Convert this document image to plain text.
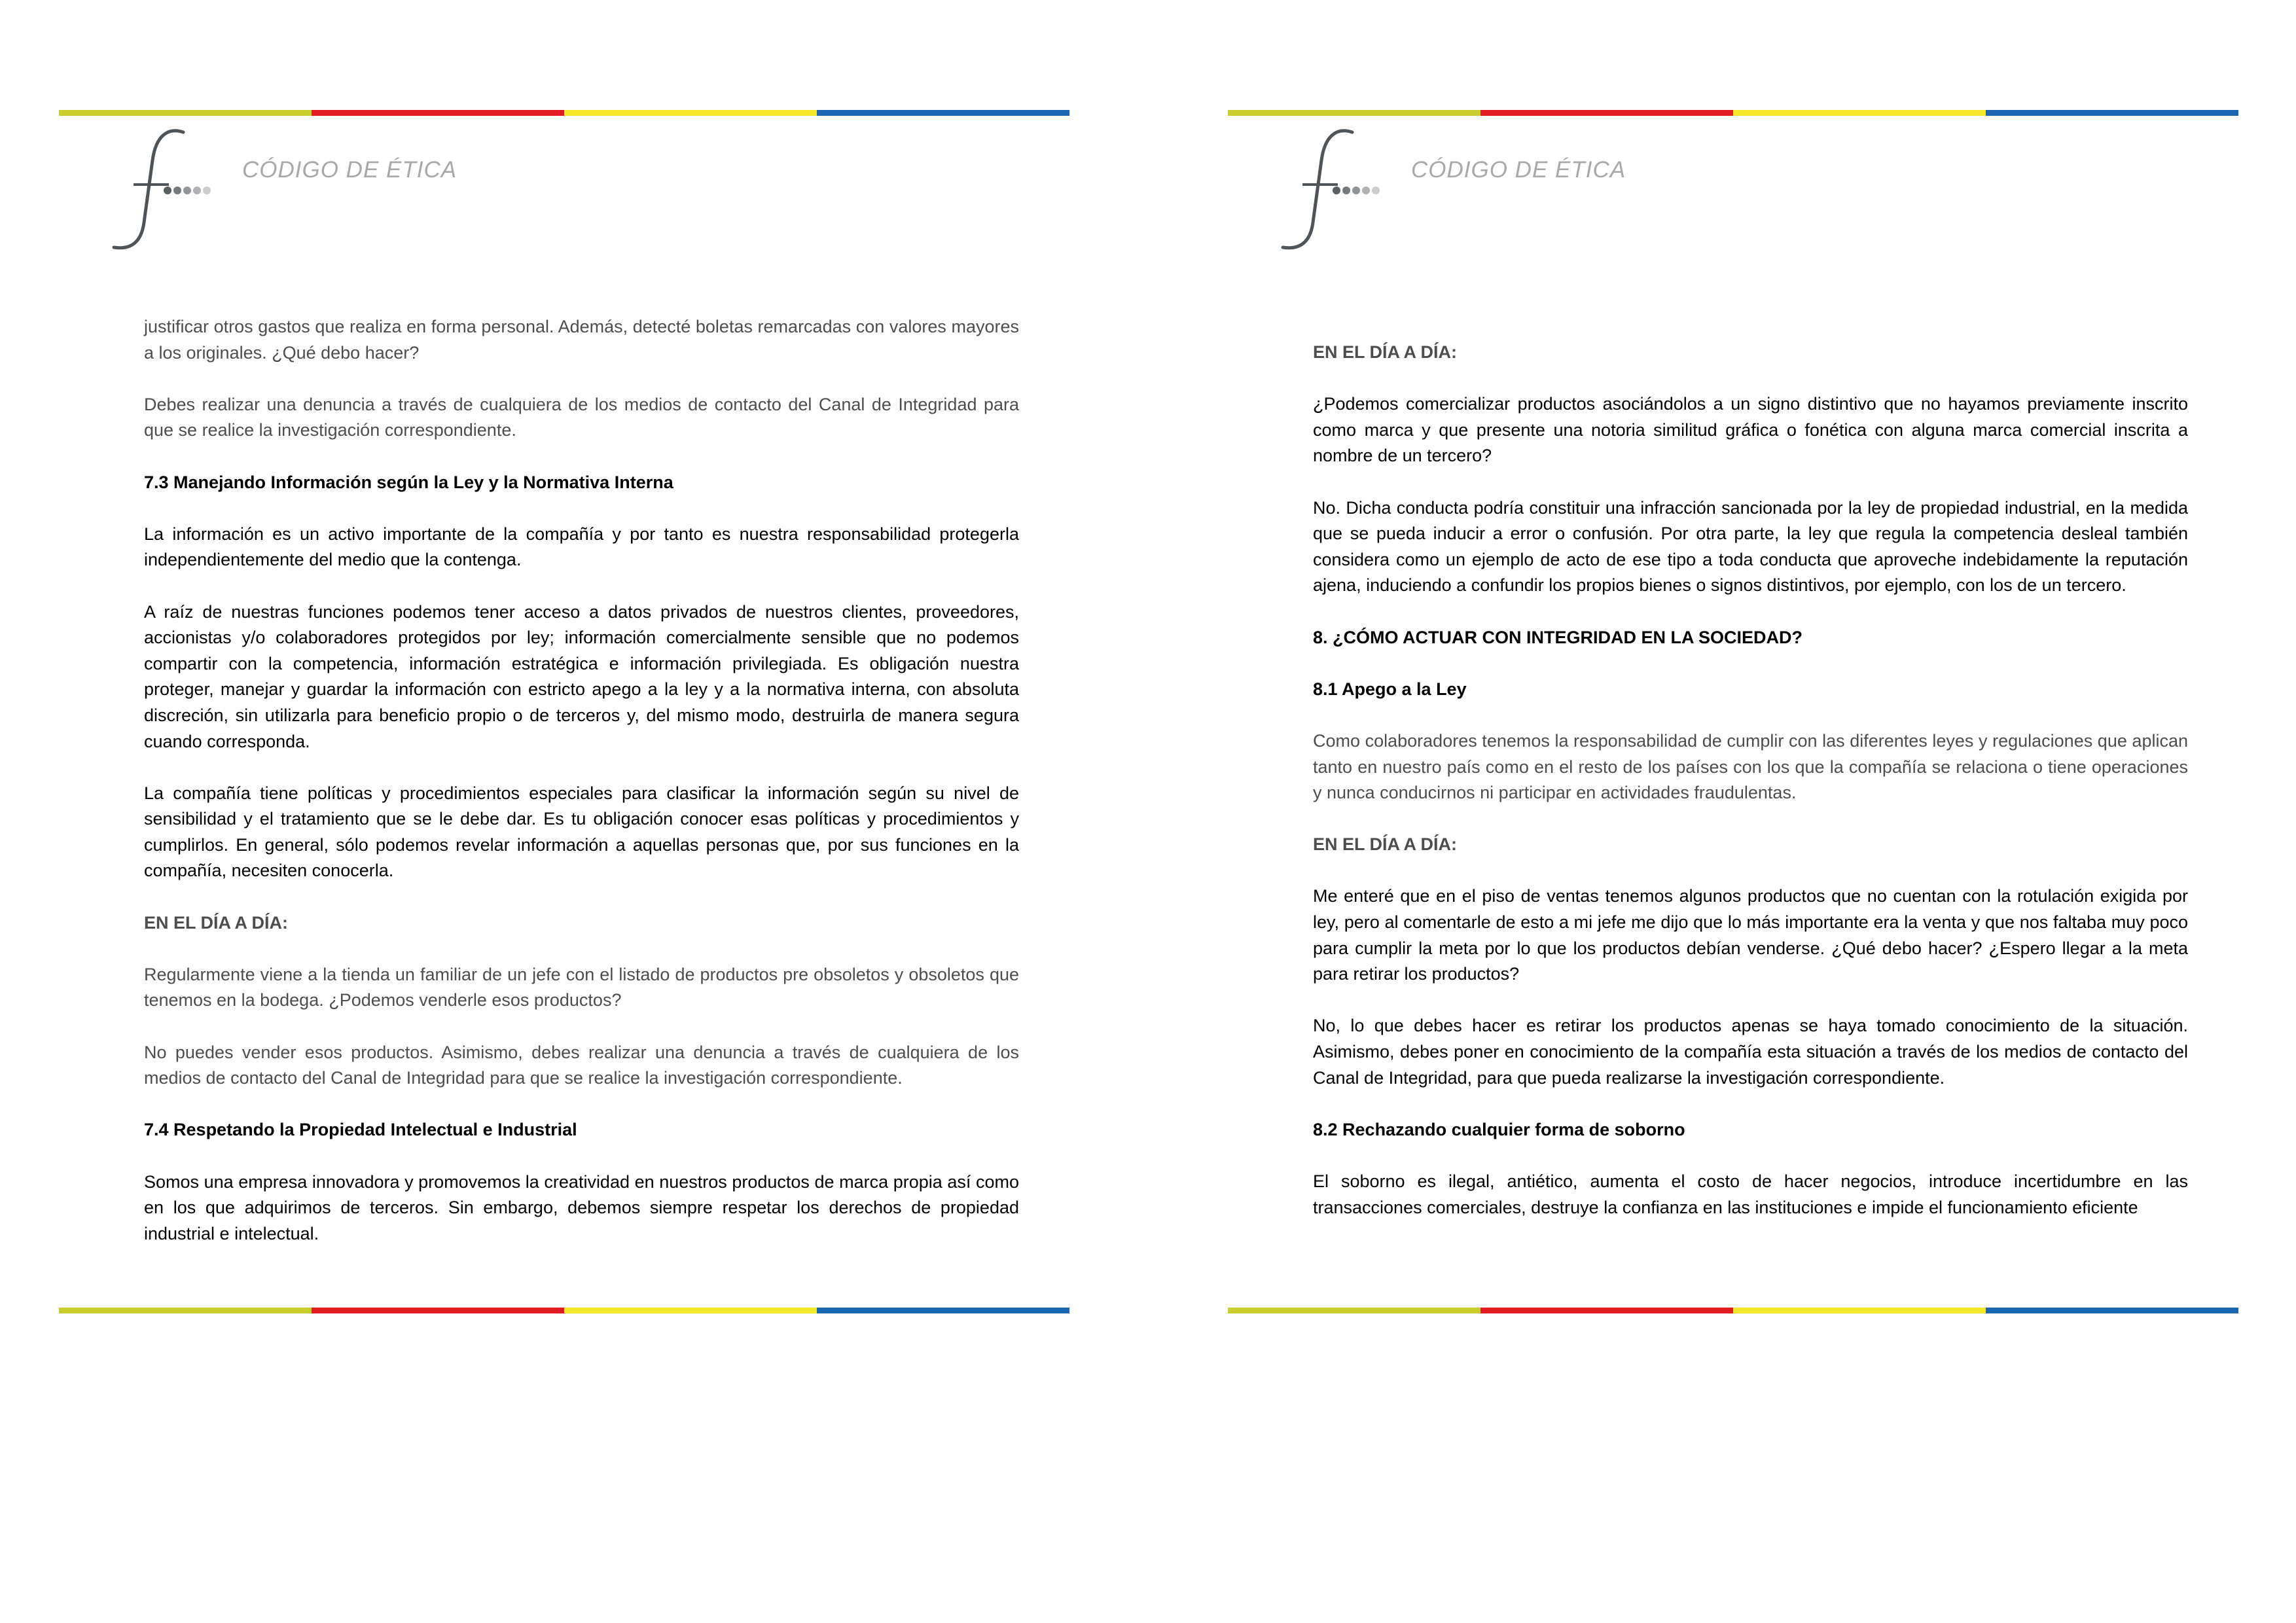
CÓDIGO DE ÉTICA

justificar otros gastos que realiza en forma personal. Además, detecté boletas remarcadas con valores mayores a los originales. ¿Qué debo hacer?

Debes realizar una denuncia a través de cualquiera de los medios de contacto del Canal de Integridad para que se realice la investigación correspondiente.

7.3 Manejando Información según la Ley y la Normativa Interna

La información es un activo importante de la compañía y por tanto es nuestra responsabilidad protegerla independientemente del medio que la contenga.

A raíz de nuestras funciones podemos tener acceso a datos privados de nuestros clientes, proveedores, accionistas y/o colaboradores protegidos por ley; información comercialmente sensible que no podemos compartir con la competencia, información estratégica e información privilegiada. Es obligación nuestra proteger, manejar y guardar la información con estricto apego a la ley y a la normativa interna, con absoluta discreción, sin utilizarla para beneficio propio o de terceros y, del mismo modo, destruirla de manera segura cuando corresponda.

La compañía tiene políticas y procedimientos especiales para clasificar la información según su nivel de sensibilidad y el tratamiento que se le debe dar. Es tu obligación conocer esas políticas y procedimientos y cumplirlos. En general, sólo podemos revelar información a aquellas personas que, por sus funciones en la compañía, necesiten conocerla.

EN EL DÍA A DÍA:

Regularmente viene a la tienda un familiar de un jefe con el listado de productos pre obsoletos y obsoletos que tenemos en la bodega. ¿Podemos venderle esos productos?

No puedes vender esos productos. Asimismo, debes realizar una denuncia a través de cualquiera de los medios de contacto del Canal de Integridad para que se realice la investigación correspondiente.

7.4 Respetando la Propiedad Intelectual e Industrial

Somos una empresa innovadora y promovemos la creatividad en nuestros productos de marca propia así como en los que adquirimos de terceros. Sin embargo, debemos siempre respetar los derechos de propiedad industrial e intelectual.

CÓDIGO DE ÉTICA

EN EL DÍA A DÍA:

¿Podemos comercializar productos asociándolos a un signo distintivo que no hayamos previamente inscrito como marca y que presente una notoria similitud gráfica o fonética con alguna marca comercial inscrita a nombre de un tercero?

No. Dicha conducta podría constituir una infracción sancionada por la ley de propiedad industrial, en la medida que se pueda inducir a error o confusión. Por otra parte, la ley que regula la competencia desleal también considera como un ejemplo de acto de ese tipo a toda conducta que aproveche indebidamente la reputación ajena, induciendo a confundir los propios bienes o signos distintivos, por ejemplo, con los de un tercero.

8. ¿CÓMO ACTUAR CON INTEGRIDAD EN LA SOCIEDAD?

8.1 Apego a la Ley

Como colaboradores tenemos la responsabilidad de cumplir con las diferentes leyes y regulaciones que aplican tanto en nuestro país como en el resto de los países con los que la compañía se relaciona o tiene operaciones y nunca conducirnos ni participar en actividades fraudulentas.

EN EL DÍA A DÍA:

Me enteré que en el piso de ventas tenemos algunos productos que no cuentan con la rotulación exigida por ley, pero al comentarle de esto a mi jefe me dijo que lo más importante era la venta y que nos faltaba muy poco para cumplir la meta por lo que los productos debían venderse. ¿Qué debo hacer? ¿Espero llegar a la meta para retirar los productos?

No, lo que debes hacer es retirar los productos apenas se haya tomado conocimiento de la situación. Asimismo, debes poner en conocimiento de la compañía esta situación a través de los medios de contacto del Canal de Integridad, para que pueda realizarse la investigación correspondiente.

8.2 Rechazando cualquier forma de soborno

El soborno es ilegal, antiético, aumenta el costo de hacer negocios, introduce incertidumbre en las transacciones comerciales, destruye la confianza en las instituciones e impide el funcionamiento eficiente
